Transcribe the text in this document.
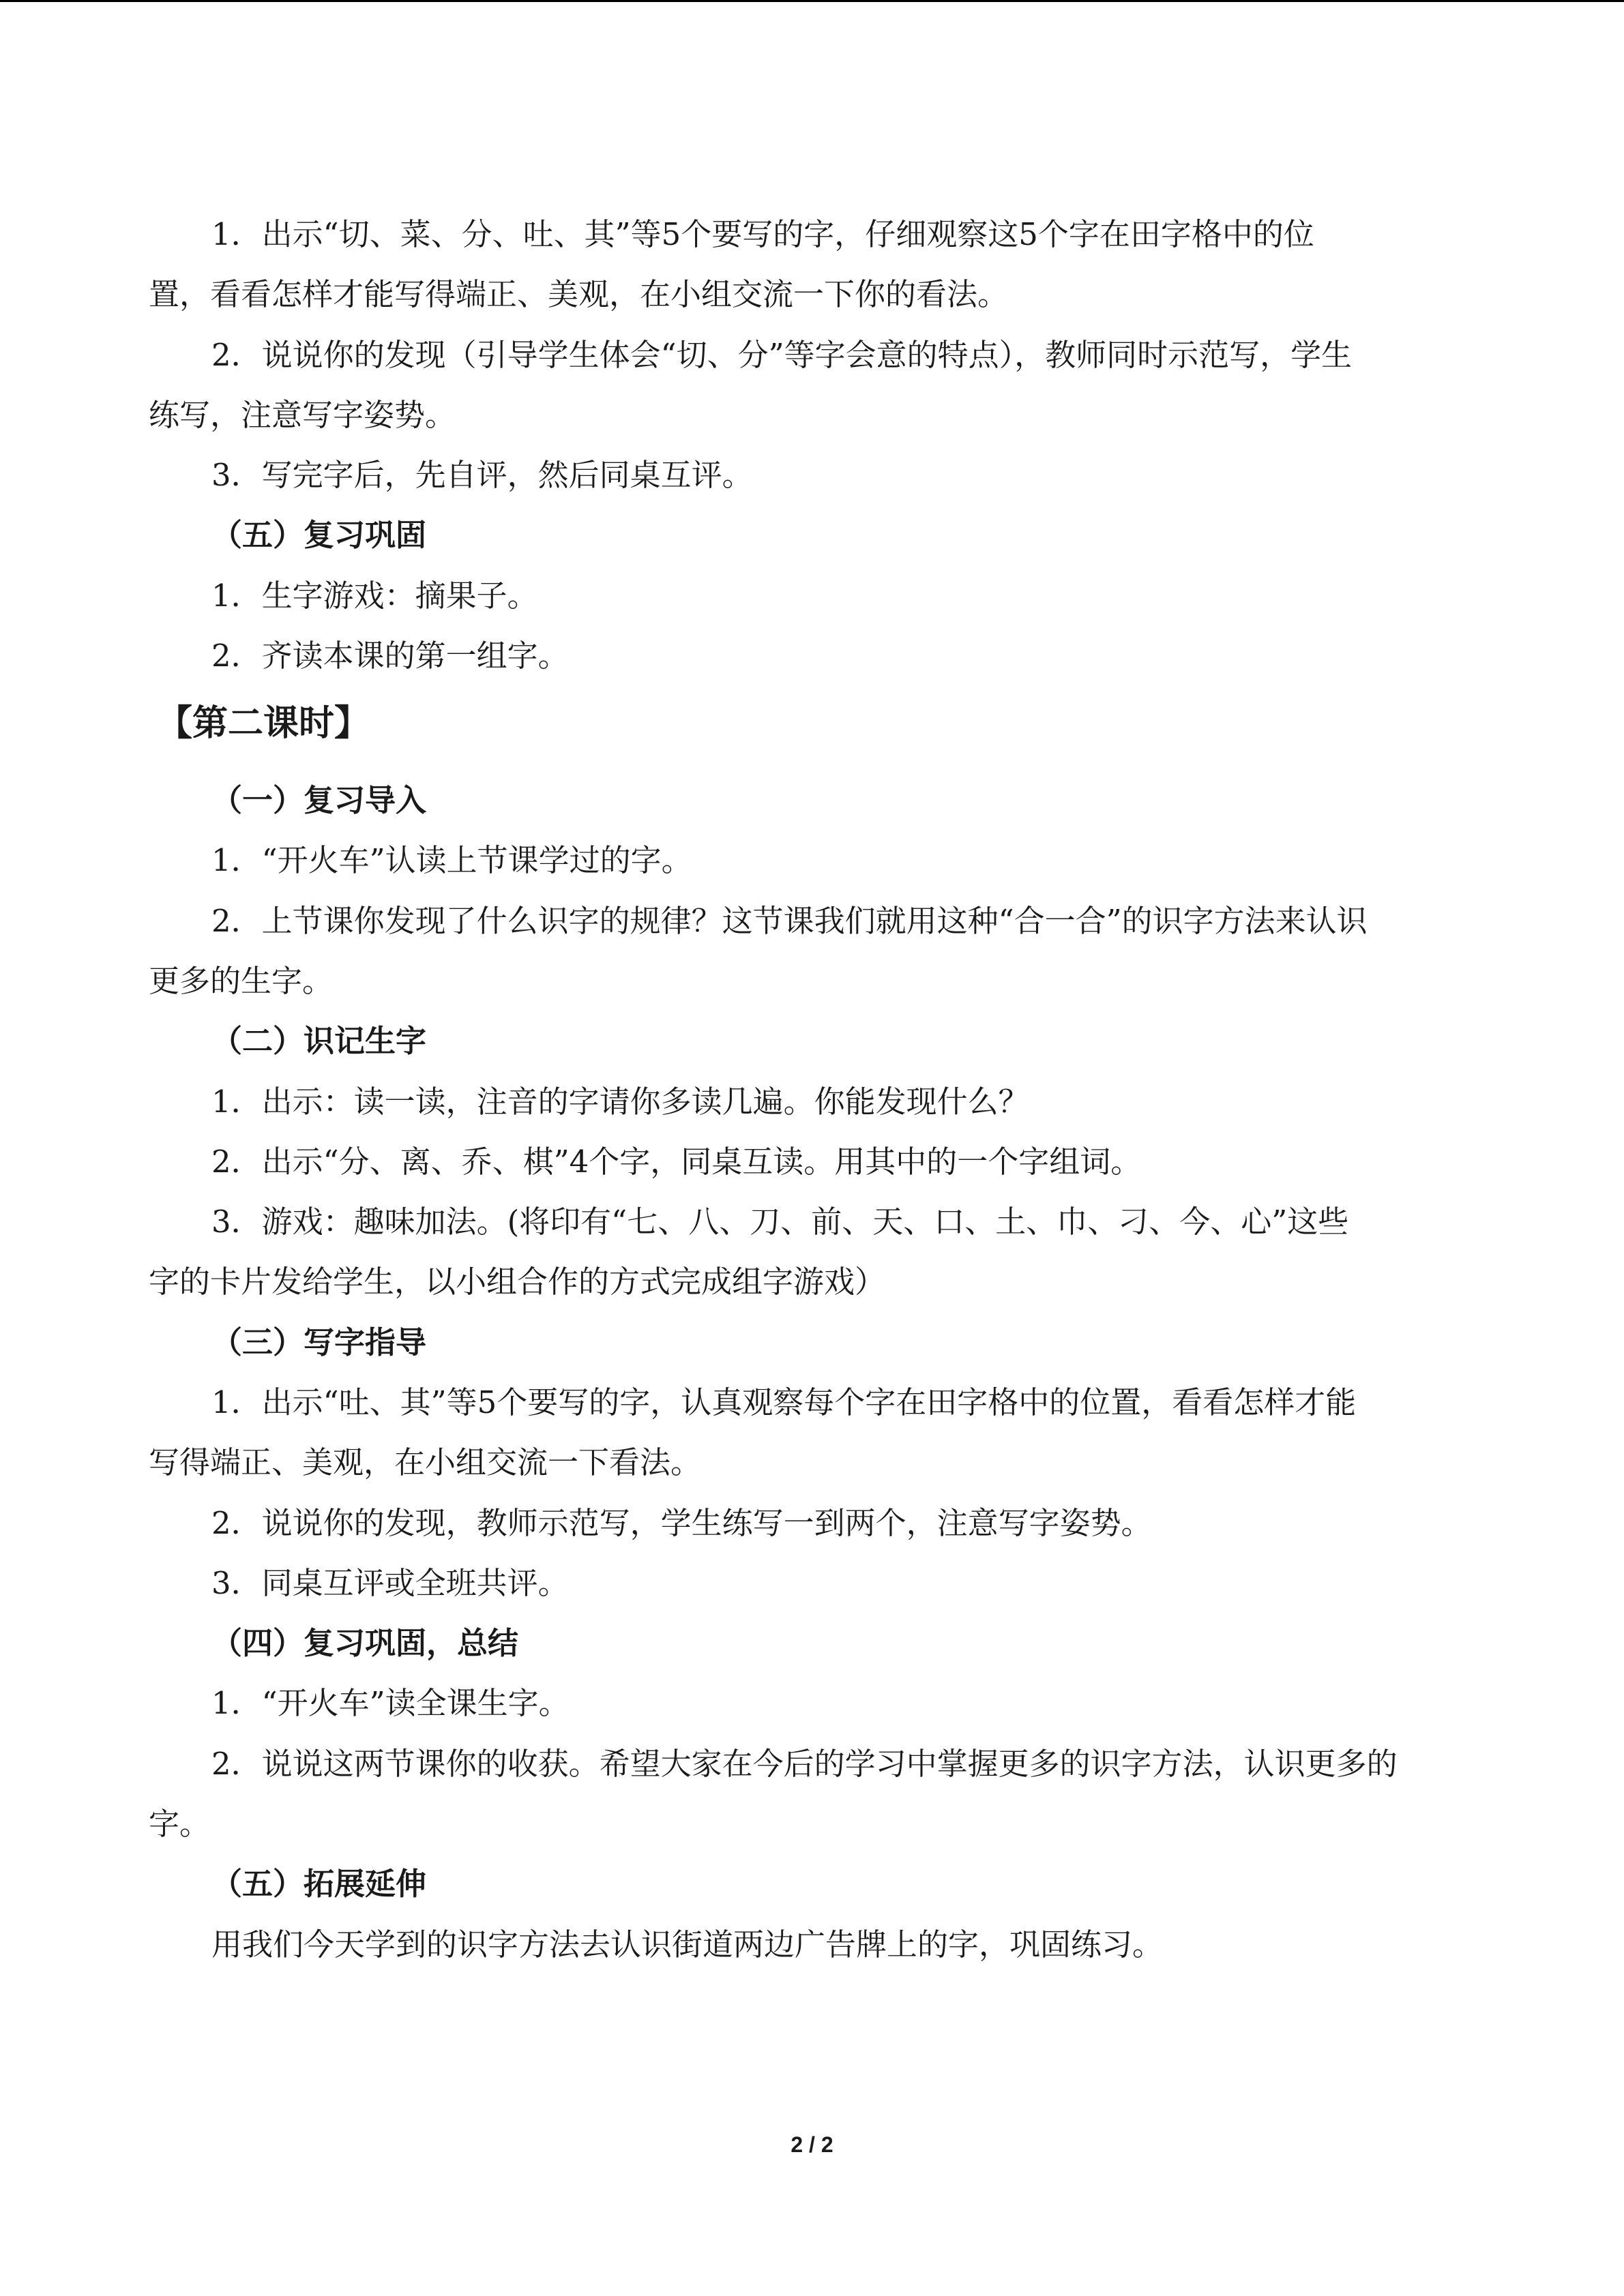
1．出示“切、菜、分、吐、其”等5个要写的字，仔细观察这5个字在田字格中的位
置，看看怎样才能写得端正、美观，在小组交流一下你的看法。
2．说说你的发现（引导学生体会“切、分”等字会意的特点），教师同时示范写，学生
练写，注意写字姿势。
3．写完字后，先自评，然后同桌互评。
（五）复习巩固
1．生字游戏：摘果子。
2．齐读本课的第一组字。
【第二课时】
（一）复习导入
1．“开火车”认读上节课学过的字。
2．上节课你发现了什么识字的规律？这节课我们就用这种“合一合”的识字方法来认识
更多的生字。
（二）识记生字
1．出示：读一读，注音的字请你多读几遍。你能发现什么？
2．出示“分、离、乔、棋”4个字，同桌互读。用其中的一个字组词。
3．游戏：趣味加法。(将印有“七、八、刀、前、天、口、土、巾、刁、今、心”这些
字的卡片发给学生，以小组合作的方式完成组字游戏）
（三）写字指导
1．出示“吐、其”等5个要写的字，认真观察每个字在田字格中的位置，看看怎样才能
写得端正、美观，在小组交流一下看法。
2．说说你的发现，教师示范写，学生练写一到两个，注意写字姿势。
3．同桌互评或全班共评。
（四）复习巩固，总结
1．“开火车”读全课生字。
2．说说这两节课你的收获。希望大家在今后的学习中掌握更多的识字方法，认识更多的
字。
（五）拓展延伸
用我们今天学到的识字方法去认识街道两边广告牌上的字，巩固练习。
2 / 2
